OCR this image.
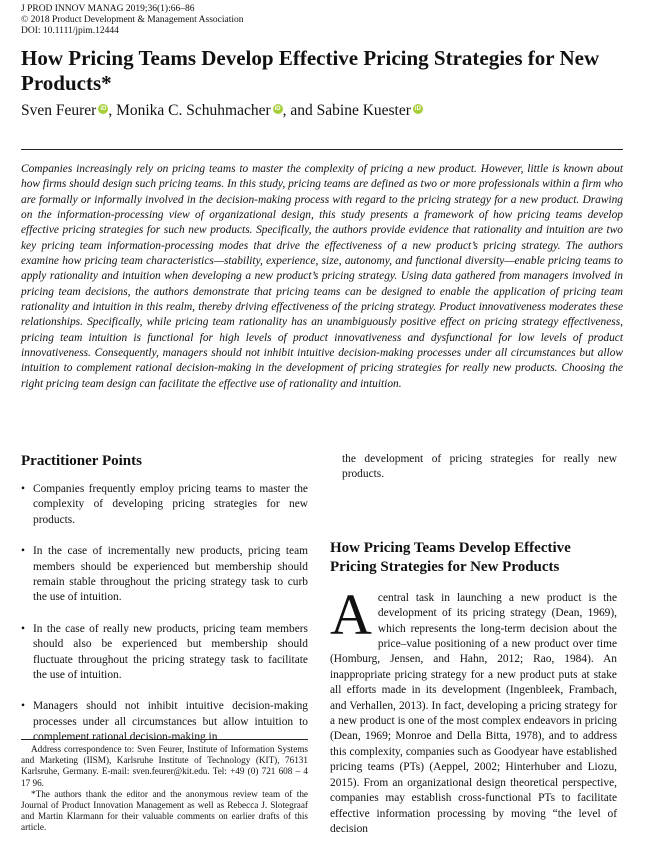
J PROD INNOV MANAG 2019;36(1):66–86
© 2018 Product Development & Management Association
DOI: 10.1111/jpim.12444
How Pricing Teams Develop Effective Pricing Strategies for New Products*
Sven Feurer iD , Monika C. Schuhmacher iD , and Sabine Kuester iD

Companies increasingly rely on pricing teams to master the complexity of pricing a new product. However, little is known about how firms should design such pricing teams. In this study, pricing teams are defined as two or more professionals within a firm who are formally or informally involved in the decision-making process with regard to the pricing strategy for a new product. Drawing on the information-processing view of organizational design, this study presents a framework of how pricing teams develop effective pricing strategies for such new products. Specifically, the authors provide evidence that rationality and intuition are two key pricing team information-processing modes that drive the effectiveness of a new product’s pricing strategy. The authors examine how pricing team characteristics—stability, experience, size, autonomy, and functional diversity—enable pricing teams to apply rationality and intuition when developing a new product’s pricing strategy. Using data gathered from managers involved in pricing team decisions, the authors demonstrate that pricing teams can be designed to enable the application of pricing team rationality and intuition in this realm, thereby driving effectiveness of the pricing strategy. Product innovativeness moderates these relationships. Specifically, while pricing team rationality has an unambiguously positive effect on pricing strategy effectiveness, pricing team intuition is functional for high levels of product innovativeness and dysfunctional for low levels of product innovativeness. Consequently, managers should not inhibit intuitive decision-making processes under all circumstances but allow intuition to complement rational decision-making in the development of pricing strategies for really new products. Choosing the right pricing team design can facilitate the effective use of rationality and intuition.

Practitioner Points
• Companies frequently employ pricing teams to master the complexity of developing pricing strategies for new products.
• In the case of incrementally new products, pricing team members should be experienced but membership should remain stable throughout the pricing strategy task to curb the use of intuition.
• In the case of really new products, pricing team members should also be experienced but membership should fluctuate throughout the pricing strategy task to facilitate the use of intuition.
• Managers should not inhibit intuitive decision-making processes under all circumstances but allow intuition to complement rational decision-making in

Address correspondence to: Sven Feurer, Institute of Information Systems and Marketing (IISM), Karlsruhe Institute of Technology (KIT), 76131 Karlsruhe, Germany. E-mail: sven.feurer@kit.edu. Tel: +49 (0) 721 608 – 4 17 96.

*The authors thank the editor and the anonymous review team of the Journal of Product Innovation Management as well as Rebecca J. Slotegraaf and Martin Klarmann for their valuable comments on earlier drafts of this article.

the development of pricing strategies for really new products.

How Pricing Teams Develop Effective Pricing Strategies for New Products

Acentral task in launching a new product is the development of its pricing strategy (Dean, 1969), which represents the long-term decision about the price–value positioning of a new product over time (Homburg, Jensen, and Hahn, 2012; Rao, 1984). An inappropriate pricing strategy for a new product puts at stake all efforts made in its development (Ingenbleek, Frambach, and Verhallen, 2013). In fact, developing a pricing strategy for a new product is one of the most complex endeavors in pricing (Dean, 1969; Monroe and Della Bitta, 1978), and to address this complexity, companies such as Goodyear have established pricing teams (PTs) (Aeppel, 2002; Hinterhuber and Liozu, 2015). From an organizational design theoretical perspective, companies may establish cross-functional PTs to facilitate effective information processing by moving “the level of decision
